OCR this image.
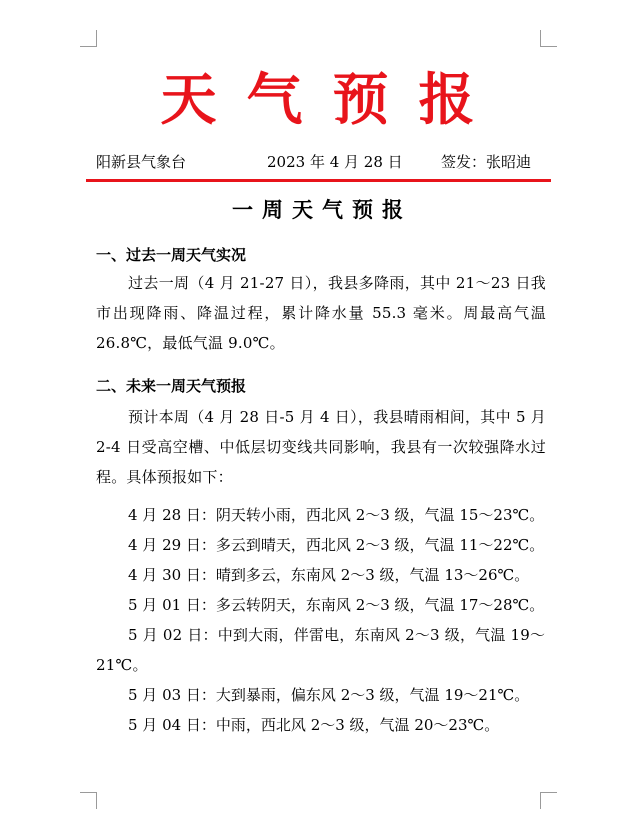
天气预报
阳新县气象台	2023 年 4 月 28 日	签发：张昭迪
一周天气预报
一、过去一周天气实况
过去一周（4 月 21-27 日），我县多降雨，其中 21～23 日我市出现降雨、降温过程，累计降水量 55.3 毫米。周最高气温 26.8℃，最低气温 9.0℃。
二、未来一周天气预报
预计本周（4 月 28 日-5 月 4 日），我县晴雨相间，其中 5 月 2-4 日受高空槽、中低层切变线共同影响，我县有一次较强降水过程。具体预报如下：
4 月 28 日：阴天转小雨，西北风 2～3 级，气温 15～23℃。
4 月 29 日：多云到晴天，西北风 2～3 级，气温 11～22℃。
4 月 30 日：晴到多云，东南风 2～3 级，气温 13～26℃。
5 月 01 日：多云转阴天，东南风 2～3 级，气温 17～28℃。
5 月 02 日：中到大雨，伴雷电，东南风 2～3 级，气温 19～21℃。
5 月 03 日：大到暴雨，偏东风 2～3 级，气温 19～21℃。
5 月 04 日：中雨，西北风 2～3 级，气温 20～23℃。
